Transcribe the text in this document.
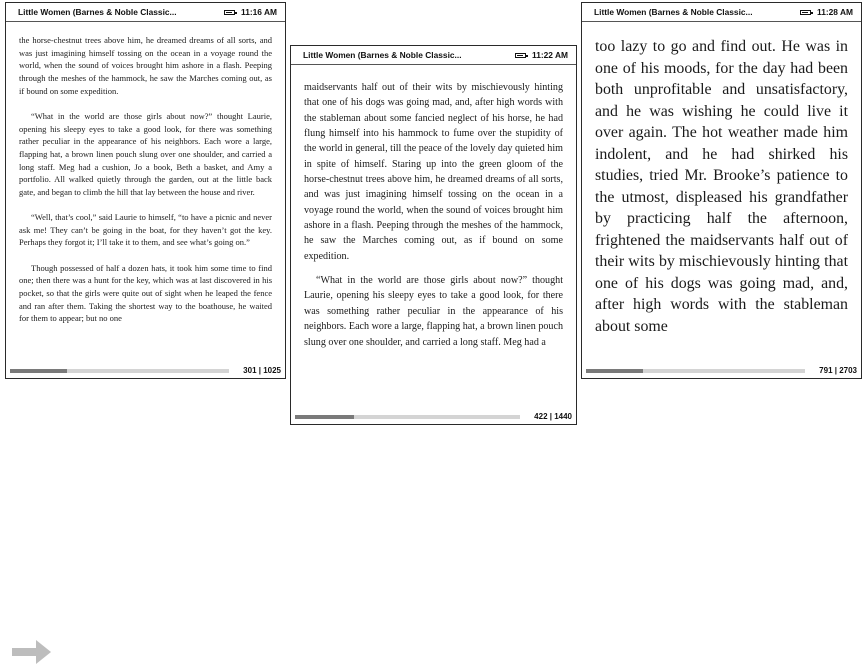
Little Women (Barnes & Noble Classic...	11:16 AM

the horse-chestnut trees above him, he dreamed dreams of all sorts, and was just imagining himself tossing on the ocean in a voyage round the world, when the sound of voices brought him ashore in a flash. Peeping through the meshes of the hammock, he saw the Marches coming out, as if bound on some expedition.

“What in the world are those girls about now?” thought Laurie, opening his sleepy eyes to take a good look, for there was something rather peculiar in the appearance of his neighbors. Each wore a large, flapping hat, a brown linen pouch slung over one shoulder, and carried a long staff. Meg had a cushion, Jo a book, Beth a basket, and Amy a portfolio. All walked quietly through the garden, out at the little back gate, and began to climb the hill that lay between the house and river.

“Well, that’s cool,” said Laurie to himself, “to have a picnic and never ask me! They can’t be going in the boat, for they haven’t got the key. Perhaps they forgot it; I’ll take it to them, and see what’s going on.”

Though possessed of half a dozen hats, it took him some time to find one; then there was a hunt for the key, which was at last discovered in his pocket, so that the girls were quite out of sight when he leaped the fence and ran after them. Taking the shortest way to the boathouse, he waited for them to appear; but no one

301 | 1025
Little Women (Barnes & Noble Classic...	11:22 AM

maidservants half out of their wits by mischievously hinting that one of his dogs was going mad, and, after high words with the stableman about some fancied neglect of his horse, he had flung himself into his hammock to fume over the stupidity of the world in general, till the peace of the lovely day quieted him in spite of himself. Staring up into the green gloom of the horse-chestnut trees above him, he dreamed dreams of all sorts, and was just imagining himself tossing on the ocean in a voyage round the world, when the sound of voices brought him ashore in a flash. Peeping through the meshes of the hammock, he saw the Marches coming out, as if bound on some expedition.

“What in the world are those girls about now?” thought Laurie, opening his sleepy eyes to take a good look, for there was something rather peculiar in the appearance of his neighbors. Each wore a large, flapping hat, a brown linen pouch slung over one shoulder, and carried a long staff. Meg had a

422 | 1440
Little Women (Barnes & Noble Classic...	11:28 AM

too lazy to go and find out. He was in one of his moods, for the day had been both unprofitable and unsatisfactory, and he was wishing he could live it over again. The hot weather made him indolent, and he had shirked his studies, tried Mr. Brooke’s patience to the utmost, displeased his grandfather by practicing half the afternoon, frightened the maidservants half out of their wits by mischievously hinting that one of his dogs was going mad, and, after high words with the stableman about some

791 | 2703
